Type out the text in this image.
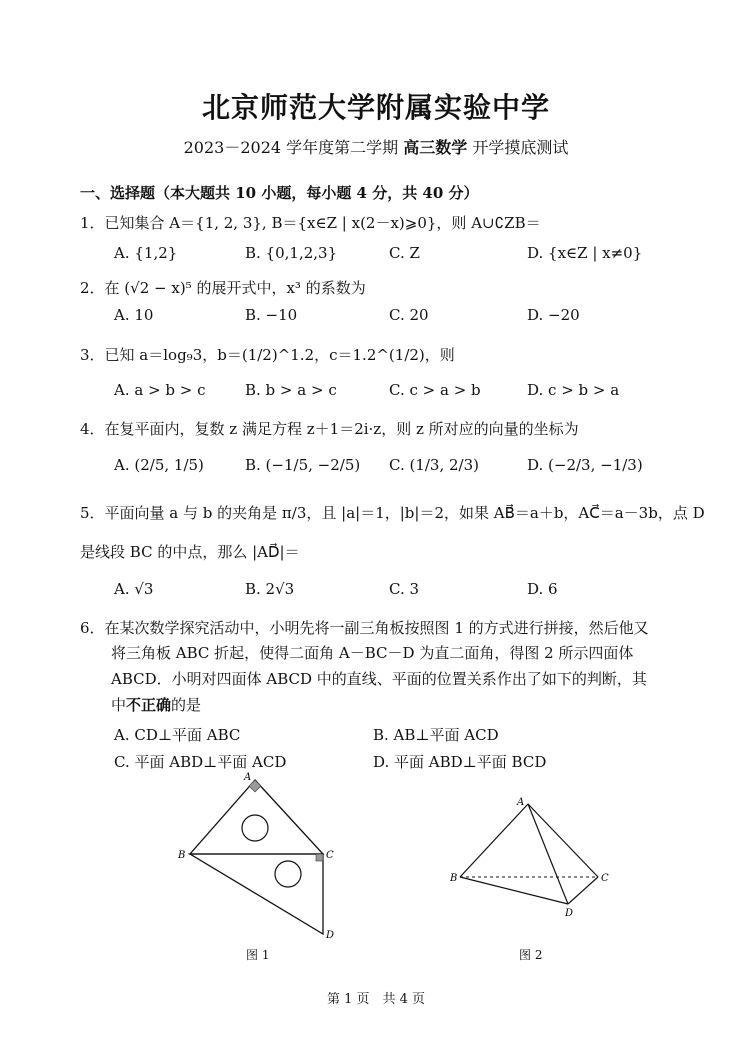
北京师范大学附属实验中学
2023－2024 学年度第二学期 高三数学 开学摸底测试
一、选择题（本大题共 10 小题，每小题 4 分，共 40 分）
1．已知集合 A＝{1, 2, 3}, B＝{x∈Z | x(2－x)⩾0}，则 A∪∁ZB＝
A. {1,2}	B. {0,1,2,3}	C. Z	D. {x∈Z | x≠0}
2．在 (√2 − x)⁵ 的展开式中，x³ 的系数为
A. 10	B. −10	C. 20	D. −20
3．已知 a＝log₉3，b＝(1/2)^1.2，c＝1.2^(1/2)，则
A. a > b > c	B. b > a > c	C. c > a > b	D. c > b > a
4．在复平面内，复数 z 满足方程 z＋1＝2i·z，则 z 所对应的向量的坐标为
A. (2/5, 1/5)	B. (−1/5, −2/5) C. (1/3, 2/3)	D. (−2/3, −1/3)
5．平面向量 a 与 b 的夹角是 π/3，且 |a|＝1，|b|＝2，如果 AB⃗＝a＋b，AC⃗＝a－3b，点 D
是线段 BC 的中点，那么 |AD⃗|＝
A. √3	B. 2√3	C. 3	D. 6
6．在某次数学探究活动中，小明先将一副三角板按照图 1 的方式进行拼接，然后他又
将三角板 ABC 折起，使得二面角 A－BC－D 为直二面角，得图 2 所示四面体
ABCD．小明对四面体 ABCD 中的直线、平面的位置关系作出了如下的判断，其
中不正确的是
A. CD⊥平面 ABC	B. AB⊥平面 ACD
C. 平面 ABD⊥平面 ACD	D. 平面 ABD⊥平面 BCD
A
B	C
D
图 1
A
B	C
D
图 2
第 1 页　共 4 页
